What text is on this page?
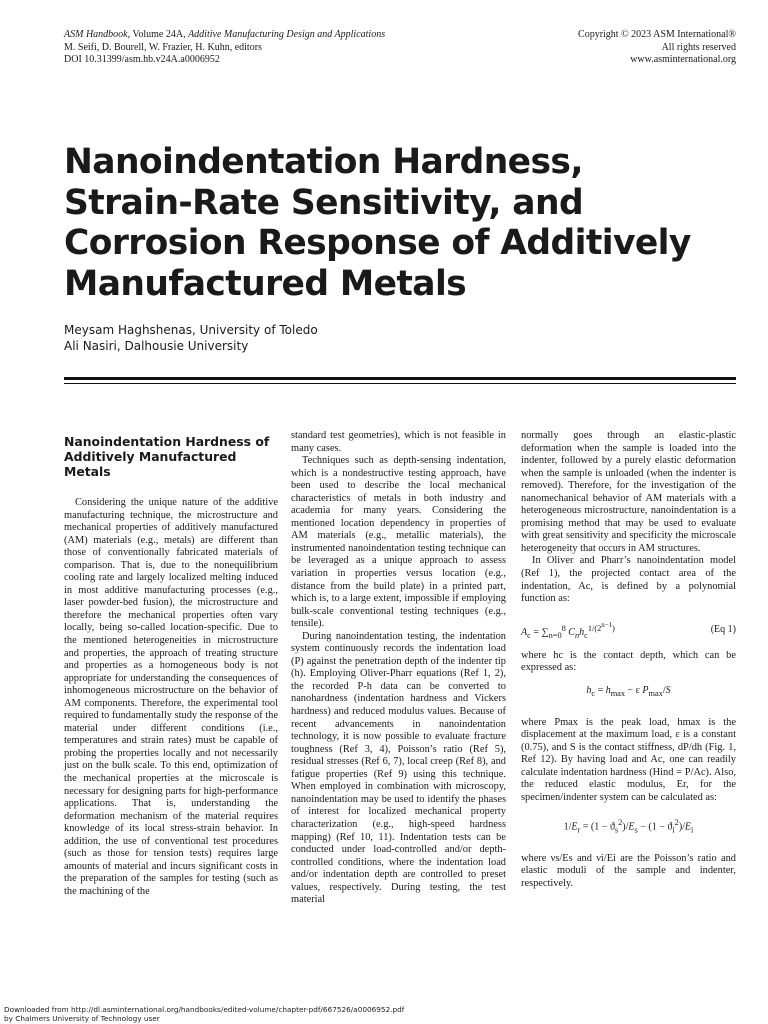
ASM Handbook, Volume 24A, Additive Manufacturing Design and Applications
M. Seifi, D. Bourell, W. Frazier, H. Kuhn, editors
DOI 10.31399/asm.hb.v24A.a0006952
Copyright © 2023 ASM International®
All rights reserved
www.asminternational.org
Nanoindentation Hardness,
Strain-Rate Sensitivity, and
Corrosion Response of Additively
Manufactured Metals
Meysam Haghshenas, University of Toledo
Ali Nasiri, Dalhousie University
Nanoindentation Hardness of Additively Manufactured Metals

Considering the unique nature of the additive manufacturing technique, the microstructure and mechanical properties of additively manufactured (AM) materials (e.g., metals) are different than those of conventionally fabricated materials of comparison. That is, due to the nonequilibrium cooling rate and largely localized melting induced in most additive manufacturing processes (e.g., laser powder-bed fusion), the microstructure and therefore the mechanical properties often vary locally, being so-called location-specific. Due to the mentioned heterogeneities in microstructure and properties, the approach of treating structure and properties as a homogeneous body is not appropriate for understanding the consequences of inhomogeneous microstructure on the behavior of AM components. Therefore, the experimental tool required to fundamentally study the response of the material under different conditions (i.e., temperatures and strain rates) must be capable of probing the properties locally and not necessarily just on the bulk scale. To this end, optimization of the mechanical properties at the microscale is necessary for designing parts for high-performance applications. That is, understanding the deformation mechanism of the material requires knowledge of its local stress-strain behavior. In addition, the use of conventional test procedures (such as those for tension tests) requires large amounts of material and incurs significant costs in the preparation of the samples for testing (such as the machining of the

standard test geometries), which is not feasible in many cases.

Techniques such as depth-sensing indentation, which is a nondestructive testing approach, have been used to describe the local mechanical characteristics of metals in both industry and academia for many years. Considering the mentioned location dependency in properties of AM materials (e.g., metallic materials), the instrumented nanoindentation testing technique can be leveraged as a unique approach to assess variation in properties versus location (e.g., distance from the build plate) in a printed part, which is, to a large extent, impossible if employing bulk-scale conventional testing techniques (e.g., tensile).

During nanoindentation testing, the indentation system continuously records the indentation load (P) against the penetration depth of the indenter tip (h). Employing Oliver-Pharr equations (Ref 1, 2), the recorded P-h data can be converted to nanohardness (indentation hardness and Vickers hardness) and reduced modulus values. Because of recent advancements in nanoindentation technology, it is now possible to evaluate fracture toughness (Ref 3, 4), Poisson’s ratio (Ref 5), residual stresses (Ref 6, 7), local creep (Ref 8), and fatigue properties (Ref 9) using this technique. When employed in combination with microscopy, nanoindentation may be used to identify the phases of interest for localized mechanical property characterization (e.g., high-speed hardness mapping) (Ref 10, 11). Indentation tests can be conducted under load-controlled and/or depth-controlled conditions, where the indentation load and/or indentation depth are controlled to preset values, respectively. During testing, the test material

normally goes through an elastic-plastic deformation when the sample is loaded into the indenter, followed by a purely elastic deformation when the sample is unloaded (when the indenter is removed). Therefore, for the investigation of the nanomechanical behavior of AM materials with a heterogeneous microstructure, nanoindentation is a promising method that may be used to evaluate with great sensitivity and specificity the microscale heterogeneity that occurs in AM structures.

In Oliver and Pharr’s nanoindentation model (Ref 1), the projected contact area of the indentation, Ac, is defined by a polynomial function as:

$A_c = \sum_{n=0}^8$ $C_nh_c^{1/(2^{n-1})}$	(Eq 1)

where hc is the contact depth, which can be expressed as:

$h_c = h_{max} - \varepsilon$ $P_{max}/S$

where Pmax is the peak load, hmax is the displacement at the maximum load, ε is a constant (0.75), and S is the contact stiffness, dP/dh (Fig. 1, Ref 12). By having load and Ac, one can readily calculate indentation hardness (Hind = P/Ac). Also, the reduced elastic modulus, Er, for the specimen/indenter system can be calculated as:

$1/E_r = (1 - ϑ_s^2)/E_s - (1 - ϑ_i^2)/E_i$

where νs/Es and νi/Ei are the Poisson’s ratio and elastic moduli of the sample and indenter, respectively.

Downloaded from http://dl.asminternational.org/handbooks/edited-volume/chapter-pdf/667526/a0006952.pdf
by Chalmers University of Technology user
